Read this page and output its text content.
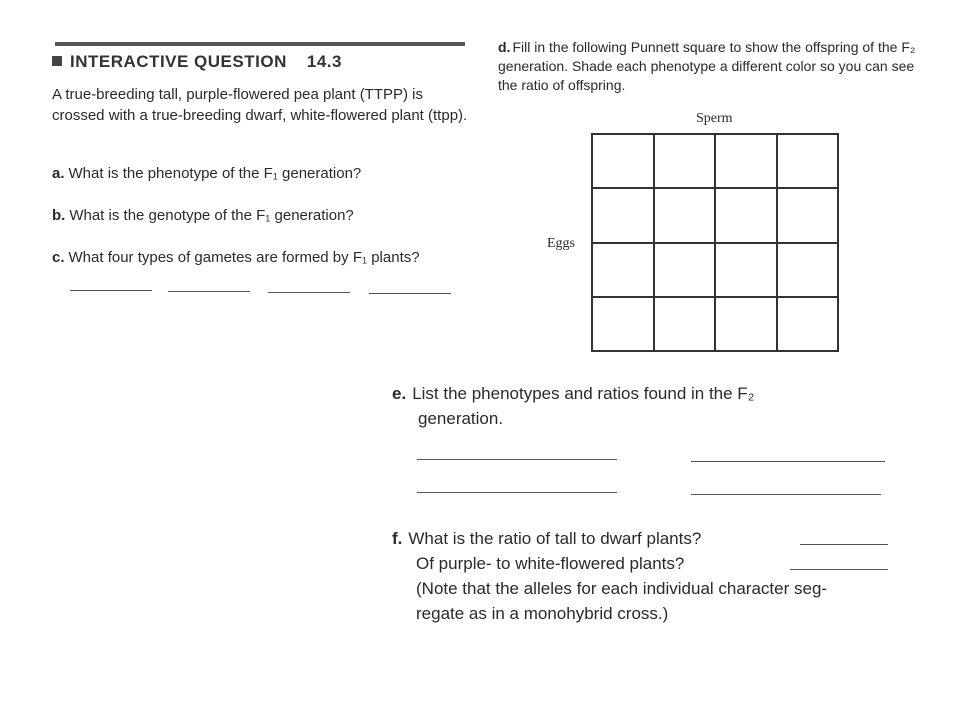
INTERACTIVE QUESTION 14.3
A true-breeding tall, purple-flowered pea plant (TTPP) is crossed with a true-breeding dwarf, white-flowered plant (ttpp).
a. What is the phenotype of the F₁ generation?
b. What is the genotype of the F₁ generation?
c. What four types of gametes are formed by F₁ plants?
d. Fill in the following Punnett square to show the offspring of the F₂ generation. Shade each phenotype a different color so you can see the ratio of offspring.
Sperm
Eggs
e. List the phenotypes and ratios found in the F₂
generation.
f. What is the ratio of tall to dwarf plants?
Of purple- to white-flowered plants?
(Note that the alleles for each individual character seg-
regate as in a monohybrid cross.)
